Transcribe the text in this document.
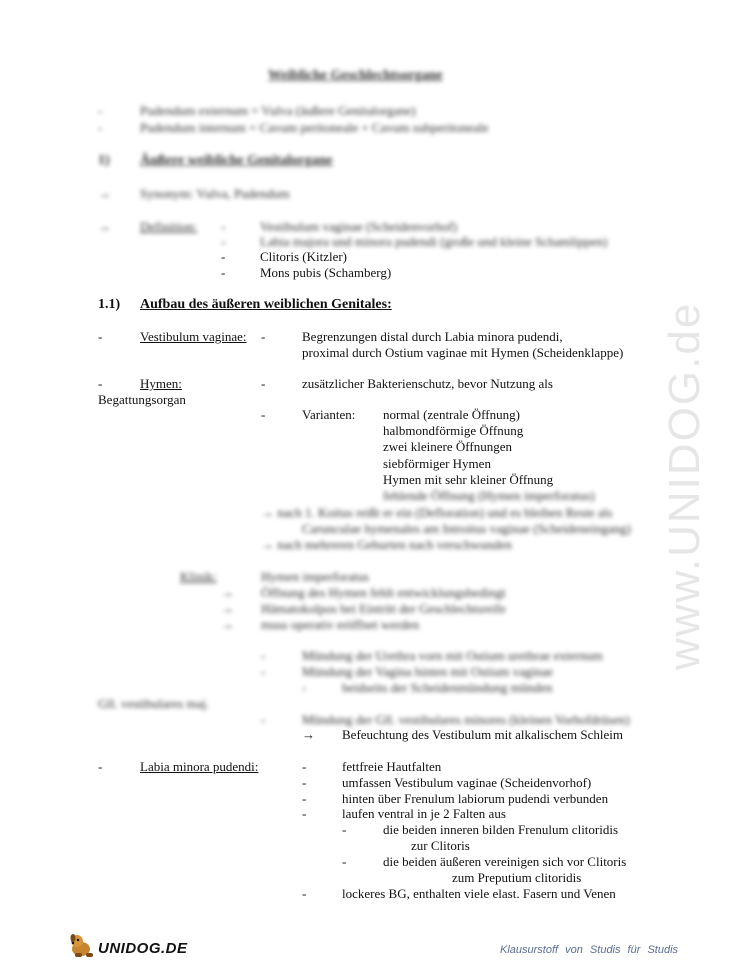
www.UNIDOG.de
Weibliche Geschlechtsorgane
-	Pudendum externum = Vulva (äußere Genitalorgane)
-	Pudendum internum = Cavum peritoneale + Cavum subperitoneale
1) Äußere weibliche Genitalorgane
→ Synonym: Vulva, Pudendum
→ Definition: -	Vestibulum vaginae (Scheidenvorhof)
-	Labia majora und minora pudendi (große und kleine Schamlippen)
-	Clitoris (Kitzler)
-	Mons pubis (Schamberg)
1.1) Aufbau des äußeren weiblichen Genitales:
-	Vestibulum vaginae: -	Begrenzungen distal durch Labia minora pudendi,
proximal durch Ostium vaginae mit Hymen (Scheidenklappe)
-	Hymen:	-	zusätzlicher Bakterienschutz, bevor Nutzung als
Begattungsorgan
-	Varianten: normal (zentrale Öffnung)
halbmondförmige Öffnung
zwei kleinere Öffnungen
siebförmiger Hymen
Hymen mit sehr kleiner Öffnung
fehlende Öffnung (Hymen imperforatus)
→ nach 1. Koitus reißt er ein (Defloration) und es bleiben Reste als
Carunculae hymenales am Introitus vaginae (Scheideneingang)
→ nach mehreren Geburten nach verschwunden
Klinik:	Hymen imperforatus
→ Öffnung des Hymen fehlt entwicklungsbedingt
→ Hämatokolpos bei Eintritt der Geschlechtsreife
→ muss operativ eröffnet werden
-	Mündung der Urethra vorn mit Ostium urethrae externum
-	Mündung der Vagina hinten mit Ostium vaginae
-	beidseits der Scheidenmündung münden
Gll. vestibulares maj.
-	Mündung der Gll. vestibulares minores (kleinen Vorhofdrüsen)
→ Befeuchtung des Vestibulum mit alkalischem Schleim
-	Labia minora pudendi:	-	fettfreie Hautfalten
-	umfassen Vestibulum vaginae (Scheidenvorhof)
-	hinten über Frenulum labiorum pudendi verbunden
-	laufen ventral in je 2 Falten aus
-	die beiden inneren bilden Frenulum clitoridis
zur Clitoris
-	die beiden äußeren vereinigen sich vor Clitoris
zum Preputium clitoridis
-	lockeres BG, enthalten viele elast. Fasern und Venen
UNIDOG.DE	Klausurstoff von Studis für Studis
